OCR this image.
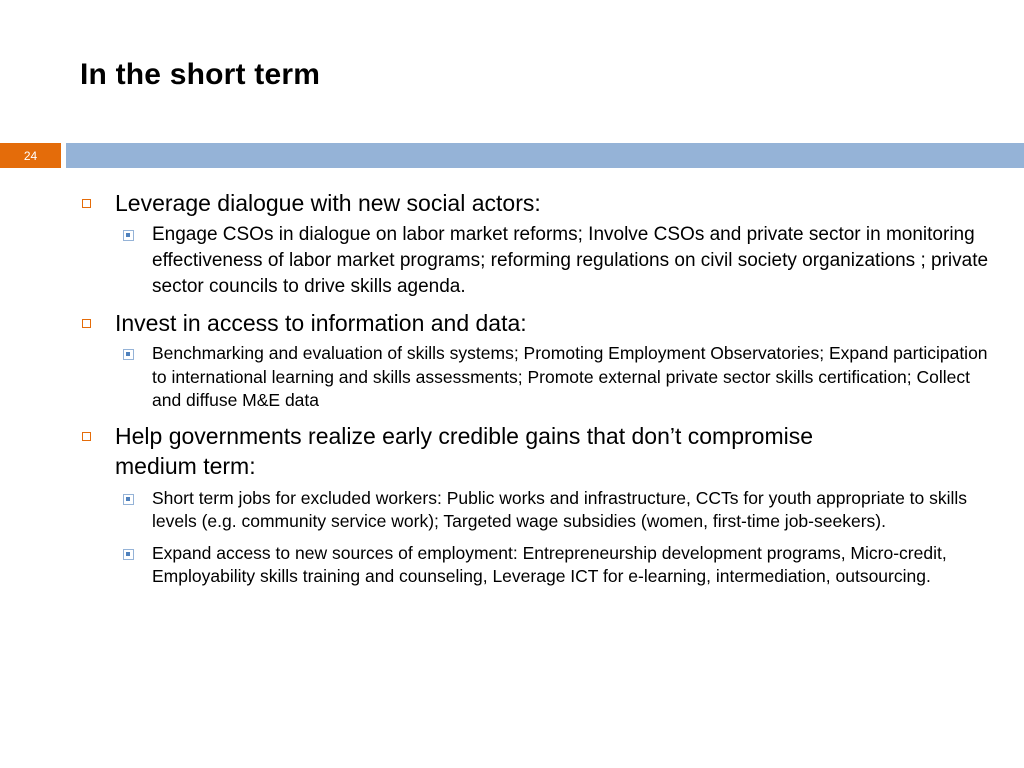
In the short term
24
Leverage dialogue with new social actors:
Engage CSOs in dialogue on labor market reforms; Involve CSOs and private sector in monitoring effectiveness of labor market programs; reforming regulations on civil society organizations ; private sector councils to drive skills agenda.
Invest in access to information and data:
Benchmarking and evaluation of skills systems; Promoting Employment Observatories; Expand participation to international learning and skills assessments; Promote external private sector skills certification; Collect and diffuse M&E data
Help governments realize early credible gains that don’t compromise medium term:
Short term jobs for excluded workers: Public works and infrastructure, CCTs for youth appropriate to skills levels (e.g. community service work); Targeted wage subsidies (women, first-time job-seekers).
Expand access to new sources of employment: Entrepreneurship development programs, Micro-credit, Employability skills training and counseling, Leverage ICT for e-learning, intermediation, outsourcing.
